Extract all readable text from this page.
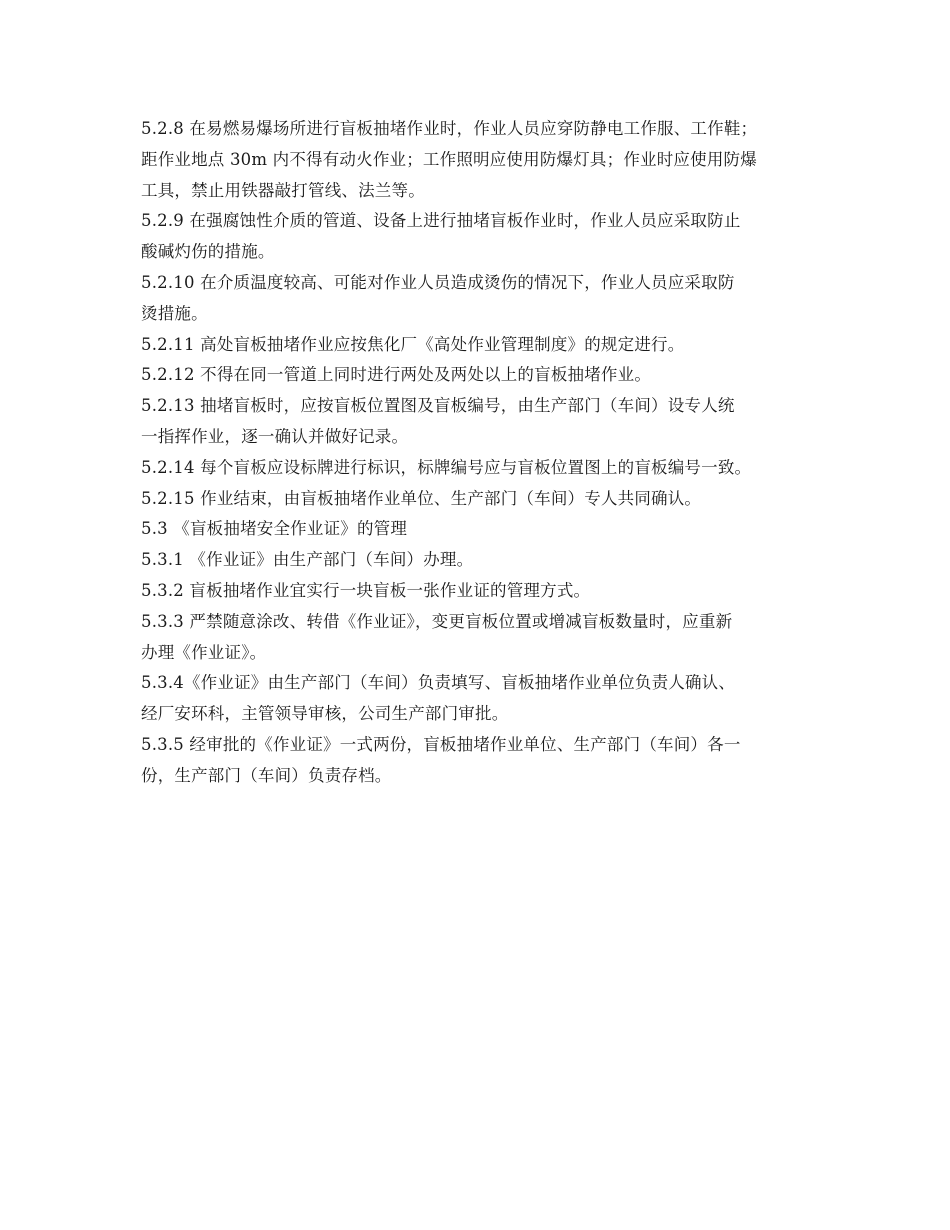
5.2.8 在易燃易爆场所进行盲板抽堵作业时，作业人员应穿防静电工作服、工作鞋；
距作业地点 30m 内不得有动火作业；工作照明应使用防爆灯具；作业时应使用防爆
工具，禁止用铁器敲打管线、法兰等。
5.2.9 在强腐蚀性介质的管道、设备上进行抽堵盲板作业时，作业人员应采取防止
酸碱灼伤的措施。
5.2.10 在介质温度较高、可能对作业人员造成烫伤的情况下，作业人员应采取防
烫措施。
5.2.11 高处盲板抽堵作业应按焦化厂《高处作业管理制度》的规定进行。
5.2.12 不得在同一管道上同时进行两处及两处以上的盲板抽堵作业。
5.2.13 抽堵盲板时，应按盲板位置图及盲板编号，由生产部门（车间）设专人统
一指挥作业，逐一确认并做好记录。
5.2.14 每个盲板应设标牌进行标识，标牌编号应与盲板位置图上的盲板编号一致。
5.2.15 作业结束，由盲板抽堵作业单位、生产部门（车间）专人共同确认。
5.3 《盲板抽堵安全作业证》的管理
5.3.1 《作业证》由生产部门（车间）办理。
5.3.2 盲板抽堵作业宜实行一块盲板一张作业证的管理方式。
5.3.3 严禁随意涂改、转借《作业证》，变更盲板位置或增减盲板数量时，应重新
办理《作业证》。
5.3.4《作业证》由生产部门（车间）负责填写、盲板抽堵作业单位负责人确认、
经厂安环科，主管领导审核，公司生产部门审批。
5.3.5 经审批的《作业证》一式两份，盲板抽堵作业单位、生产部门（车间）各一
份，生产部门（车间）负责存档。
